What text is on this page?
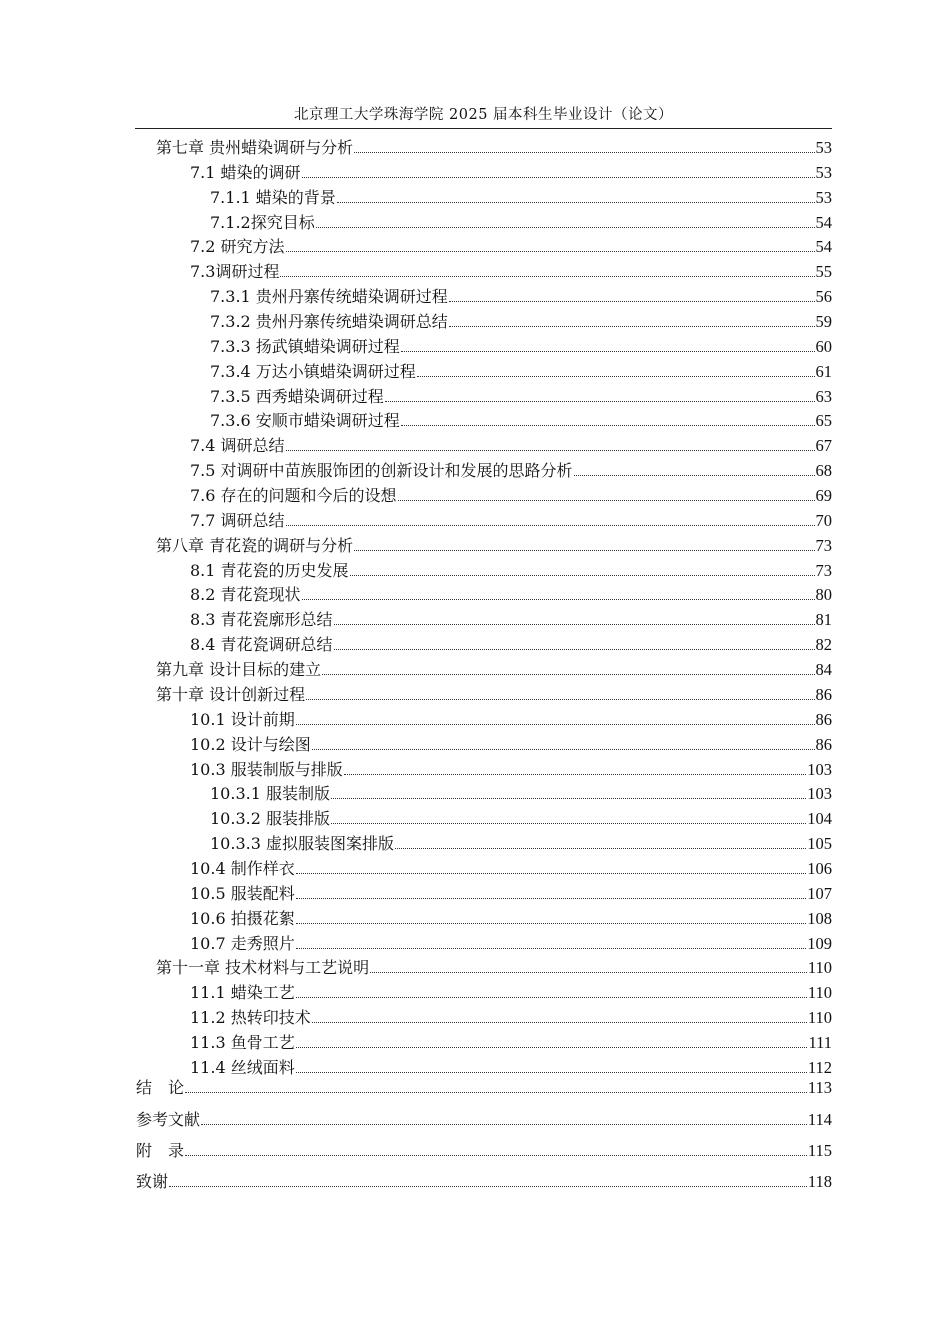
北京理工大学珠海学院 2025 届本科生毕业设计（论文）
第七章 贵州蜡染调研与分析	53
7.1 蜡染的调研	53
7.1.1 蜡染的背景	53
7.1.2探究目标	54
7.2 研究方法	54
7.3调研过程	55
7.3.1 贵州丹寨传统蜡染调研过程	56
7.3.2 贵州丹寨传统蜡染调研总结	59
7.3.3 扬武镇蜡染调研过程	60
7.3.4 万达小镇蜡染调研过程	61
7.3.5 西秀蜡染调研过程	63
7.3.6 安顺市蜡染调研过程	65
7.4 调研总结	67
7.5 对调研中苗族服饰团的创新设计和发展的思路分析	68
7.6 存在的问题和今后的设想	69
7.7 调研总结	70
第八章 青花瓷的调研与分析	73
8.1 青花瓷的历史发展	73
8.2 青花瓷现状	80
8.3 青花瓷廓形总结	81
8.4 青花瓷调研总结	82
第九章 设计目标的建立	84
第十章 设计创新过程	86
10.1 设计前期	86
10.2 设计与绘图	86
10.3 服装制版与排版	103
10.3.1 服装制版	103
10.3.2 服装排版	104
10.3.3 虚拟服装图案排版	105
10.4 制作样衣	106
10.5 服装配料	107
10.6 拍摄花絮	108
10.7 走秀照片	109
第十一章 技术材料与工艺说明	110
11.1 蜡染工艺	110
11.2 热转印技术	110
11.3 鱼骨工艺	111
11.4 丝绒面料	112
结　论	113
参考文献	114
附　录	115
致谢	118
